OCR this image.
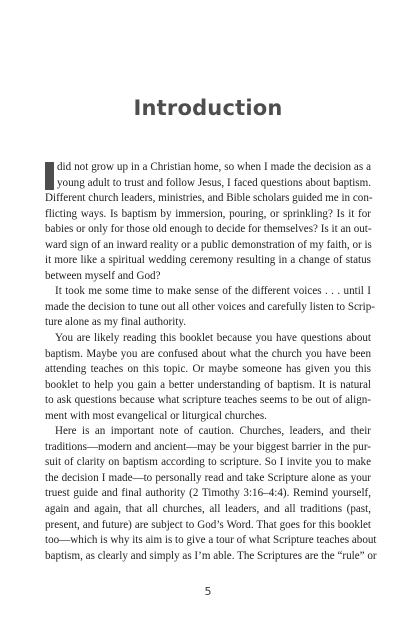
Introduction
did not grow up in a Christian home, so when I made the decision as a
young adult to trust and follow Jesus, I faced questions about baptism.
Different church leaders, ministries, and Bible scholars guided me in con-
flicting ways. Is baptism by immersion, pouring, or sprinkling? Is it for
babies or only for those old enough to decide for themselves? Is it an out-
ward sign of an inward reality or a public demonstration of my faith, or is
it more like a spiritual wedding ceremony resulting in a change of status
between myself and God?
It took me some time to make sense of the different voices . . . until I
made the decision to tune out all other voices and carefully listen to Scrip-
ture alone as my final authority.
You are likely reading this booklet because you have questions about
baptism. Maybe you are confused about what the church you have been
attending teaches on this topic. Or maybe someone has given you this
booklet to help you gain a better understanding of baptism. It is natural
to ask questions because what scripture teaches seems to be out of align-
ment with most evangelical or liturgical churches.
Here is an important note of caution. Churches, leaders, and their
traditions—modern and ancient—may be your biggest barrier in the pur-
suit of clarity on baptism according to scripture. So I invite you to make
the decision I made—to personally read and take Scripture alone as your
truest guide and final authority (2 Timothy 3:16–4:4). Remind yourself,
again and again, that all churches, all leaders, and all traditions (past,
present, and future) are subject to God’s Word. That goes for this booklet
too—which is why its aim is to give a tour of what Scripture teaches about
baptism, as clearly and simply as I’m able. The Scriptures are the “rule” or
5
